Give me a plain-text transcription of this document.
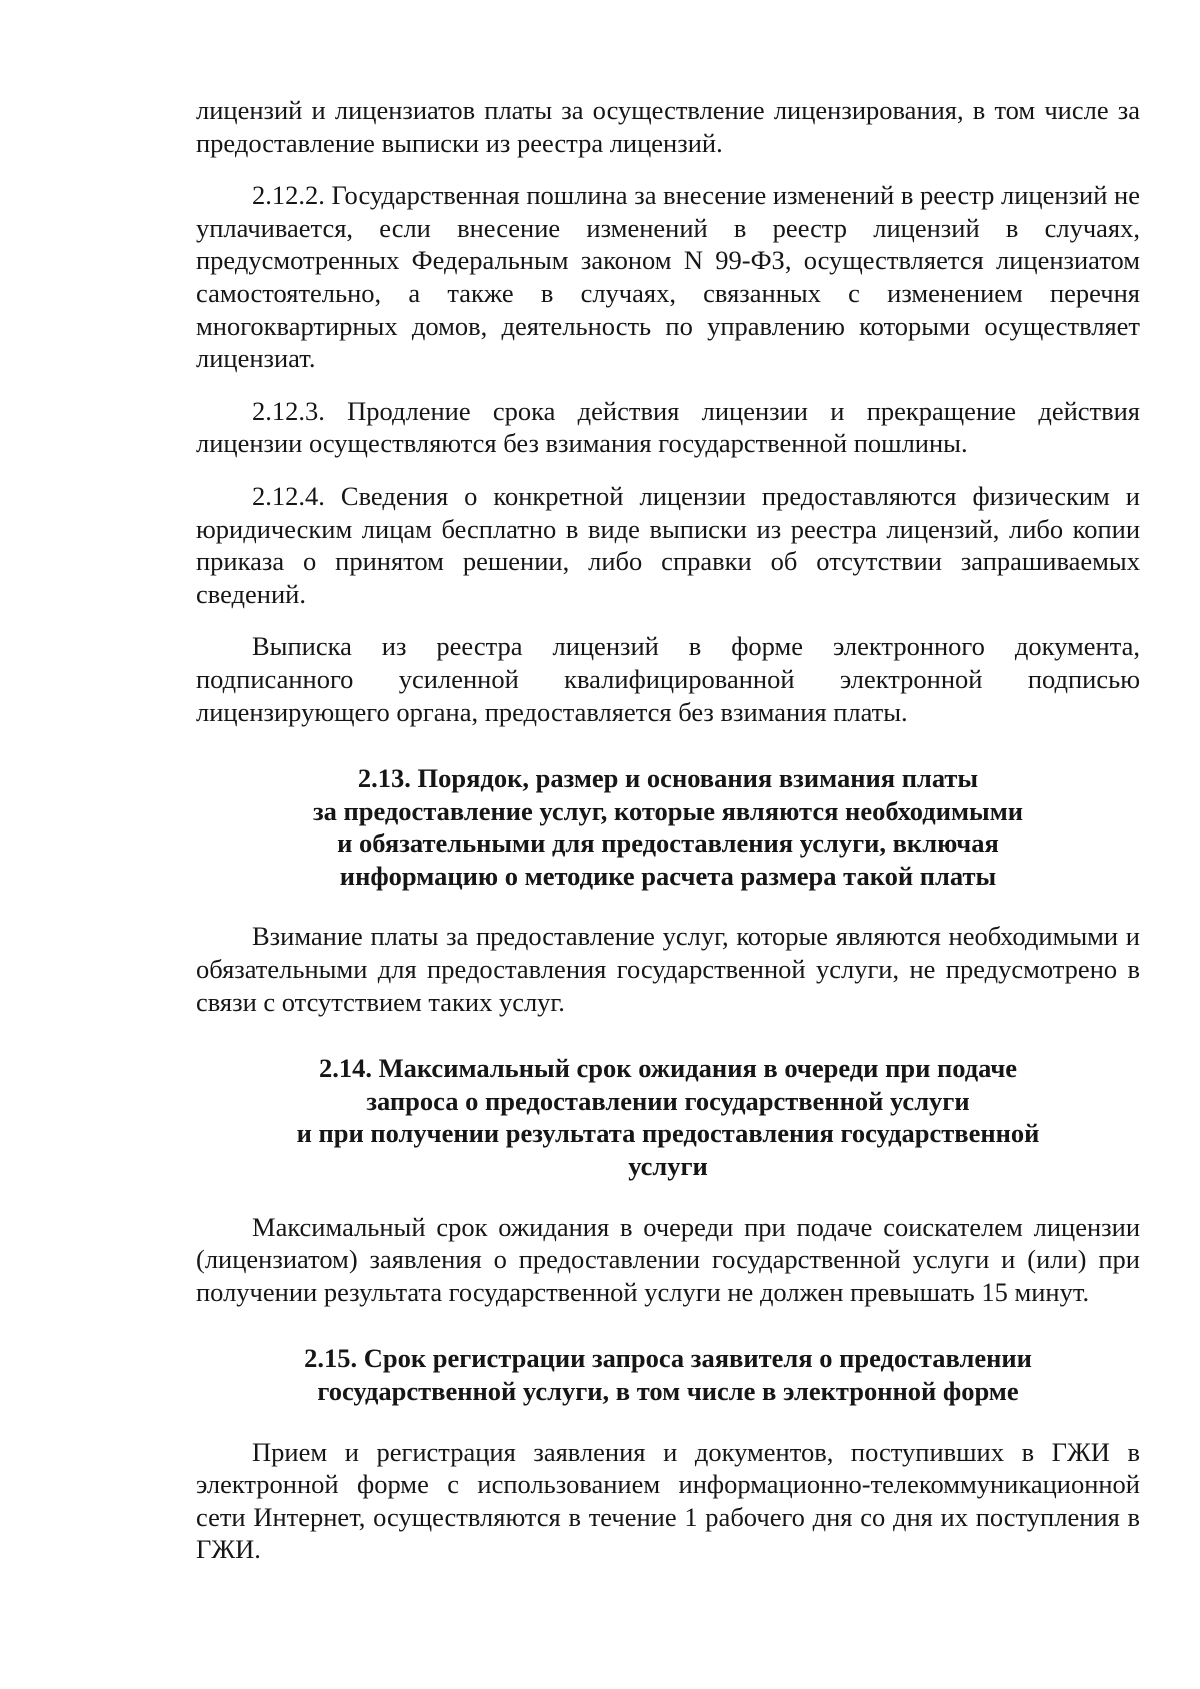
лицензий и лицензиатов платы за осуществление лицензирования, в том числе за предоставление выписки из реестра лицензий.

2.12.2. Государственная пошлина за внесение изменений в реестр лицензий не уплачивается, если внесение изменений в реестр лицензий в случаях, предусмотренных Федеральным законом N 99-ФЗ, осуществляется лицензиатом самостоятельно, а также в случаях, связанных с изменением перечня многоквартирных домов, деятельность по управлению которыми осуществляет лицензиат.

2.12.3. Продление срока действия лицензии и прекращение действия лицензии осуществляются без взимания государственной пошлины.

2.12.4. Сведения о конкретной лицензии предоставляются физическим и юридическим лицам бесплатно в виде выписки из реестра лицензий, либо копии приказа о принятом решении, либо справки об отсутствии запрашиваемых сведений.

Выписка из реестра лицензий в форме электронного документа, подписанного усиленной квалифицированной электронной подписью лицензирующего органа, предоставляется без взимания платы.

2.13. Порядок, размер и основания взимания платы
за предоставление услуг, которые являются необходимыми
и обязательными для предоставления услуги, включая
информацию о методике расчета размера такой платы

Взимание платы за предоставление услуг, которые являются необходимыми и обязательными для предоставления государственной услуги, не предусмотрено в связи с отсутствием таких услуг.

2.14. Максимальный срок ожидания в очереди при подаче
запроса о предоставлении государственной услуги
и при получении результата предоставления государственной
услуги

Максимальный срок ожидания в очереди при подаче соискателем лицензии (лицензиатом) заявления о предоставлении государственной услуги и (или) при получении результата государственной услуги не должен превышать 15 минут.

2.15. Срок регистрации запроса заявителя о предоставлении
государственной услуги, в том числе в электронной форме

Прием и регистрация заявления и документов, поступивших в ГЖИ в электронной форме с использованием информационно-телекоммуникационной сети Интернет, осуществляются в течение 1 рабочего дня со дня их поступления в ГЖИ.
